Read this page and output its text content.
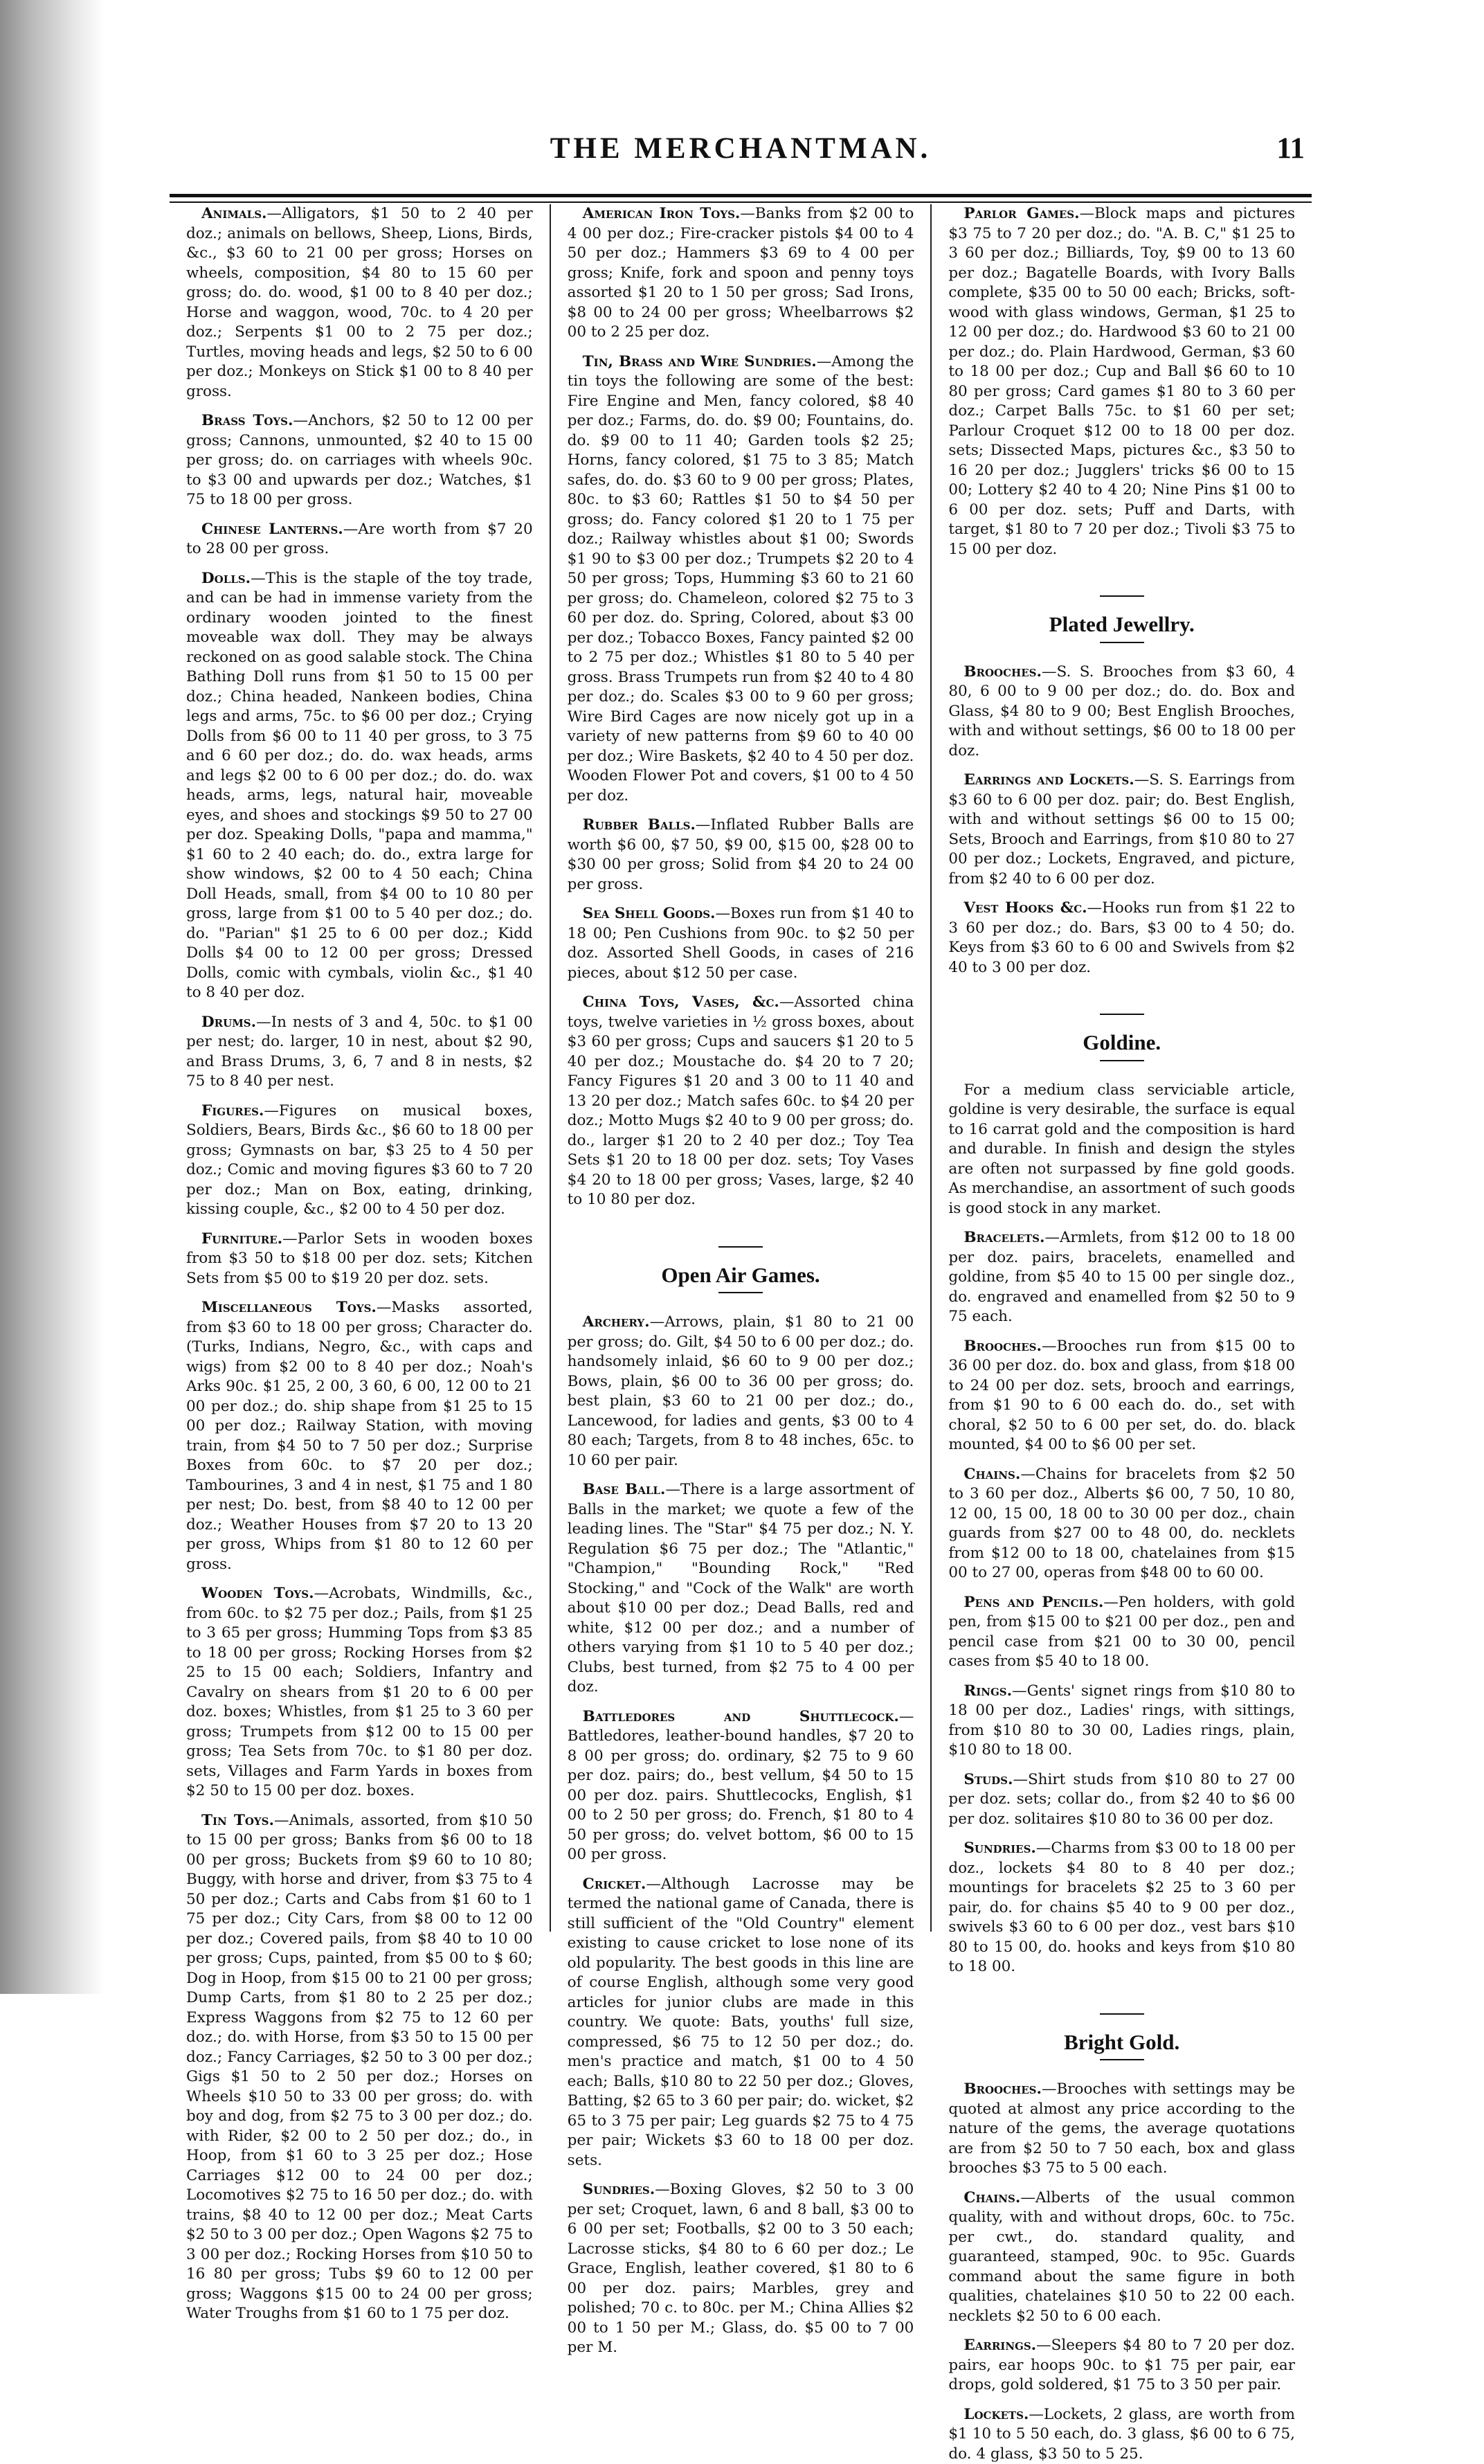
THE MERCHANTMAN.	11

Animals.—Alligators, $1 50 to 2 40 per doz.; animals on bellows, Sheep, Lions, Birds, &c., $3 60 to 21 00 per gross; Horses on wheels, composition, $4 80 to 15 60 per gross; do. do. wood, $1 00 to 8 40 per doz.; Horse and waggon, wood, 70c. to 4 20 per doz.; Serpents $1 00 to 2 75 per doz.; Turtles, moving heads and legs, $2 50 to 6 00 per doz.; Monkeys on Stick $1 00 to 8 40 per gross.

Brass Toys.—Anchors, $2 50 to 12 00 per gross; Cannons, unmounted, $2 40 to 15 00 per gross; do. on carriages with wheels 90c. to $3 00 and upwards per doz.; Watches, $1 75 to 18 00 per gross.

Chinese Lanterns.—Are worth from $7 20 to 28 00 per gross.

Dolls.—This is the staple of the toy trade, and can be had in immense variety from the ordinary wooden jointed to the finest moveable wax doll. They may be always reckoned on as good salable stock. The China Bathing Doll runs from $1 50 to 15 00 per doz.; China headed, Nankeen bodies, China legs and arms, 75c. to $6 00 per doz.; Crying Dolls from $6 00 to 11 40 per gross, to 3 75 and 6 60 per doz.; do. do. wax heads, arms and legs $2 00 to 6 00 per doz.; do. do. wax heads, arms, legs, natural hair, moveable eyes, and shoes and stockings $9 50 to 27 00 per doz. Speaking Dolls, "papa and mamma," $1 60 to 2 40 each; do. do., extra large for show windows, $2 00 to 4 50 each; China Doll Heads, small, from $4 00 to 10 80 per gross, large from $1 00 to 5 40 per doz.; do. do. "Parian" $1 25 to 6 00 per doz.; Kidd Dolls $4 00 to 12 00 per gross; Dressed Dolls, comic with cymbals, violin &c., $1 40 to 8 40 per doz.

Drums.—In nests of 3 and 4, 50c. to $1 00 per nest; do. larger, 10 in nest, about $2 90, and Brass Drums, 3, 6, 7 and 8 in nests, $2 75 to 8 40 per nest.

Figures.—Figures on musical boxes, Soldiers, Bears, Birds &c., $6 60 to 18 00 per gross; Gymnasts on bar, $3 25 to 4 50 per doz.; Comic and moving figures $3 60 to 7 20 per doz.; Man on Box, eating, drinking, kissing couple, &c., $2 00 to 4 50 per doz.

Furniture.—Parlor Sets in wooden boxes from $3 50 to $18 00 per doz. sets; Kitchen Sets from $5 00 to $19 20 per doz. sets.

Miscellaneous Toys.—Masks assorted, from $3 60 to 18 00 per gross; Character do. (Turks, Indians, Negro, &c., with caps and wigs) from $2 00 to 8 40 per doz.; Noah's Arks 90c. $1 25, 2 00, 3 60, 6 00, 12 00 to 21 00 per doz.; do. ship shape from $1 25 to 15 00 per doz.; Railway Station, with moving train, from $4 50 to 7 50 per doz.; Surprise Boxes from 60c. to $7 20 per doz.; Tambourines, 3 and 4 in nest, $1 75 and 1 80 per nest; Do. best, from $8 40 to 12 00 per doz.; Weather Houses from $7 20 to 13 20 per gross, Whips from $1 80 to 12 60 per gross.

Wooden Toys.—Acrobats, Windmills, &c., from 60c. to $2 75 per doz.; Pails, from $1 25 to 3 65 per gross; Humming Tops from $3 85 to 18 00 per gross; Rocking Horses from $2 25 to 15 00 each; Soldiers, Infantry and Cavalry on shears from $1 20 to 6 00 per doz. boxes; Whistles, from $1 25 to 3 60 per gross; Trumpets from $12 00 to 15 00 per gross; Tea Sets from 70c. to $1 80 per doz. sets, Villages and Farm Yards in boxes from $2 50 to 15 00 per doz. boxes.

Tin Toys.—Animals, assorted, from $10 50 to 15 00 per gross; Banks from $6 00 to 18 00 per gross; Buckets from $9 60 to 10 80; Buggy, with horse and driver, from $3 75 to 4 50 per doz.; Carts and Cabs from $1 60 to 1 75 per doz.; City Cars, from $8 00 to 12 00 per doz.; Covered pails, from $8 40 to 10 00 per gross; Cups, painted, from $5 00 to $ 60; Dog in Hoop, from $15 00 to 21 00 per gross; Dump Carts, from $1 80 to 2 25 per doz.; Express Waggons from $2 75 to 12 60 per doz.; do. with Horse, from $3 50 to 15 00 per doz.; Fancy Carriages, $2 50 to 3 00 per doz.; Gigs $1 50 to 2 50 per doz.; Horses on Wheels $10 50 to 33 00 per gross; do. with boy and dog, from $2 75 to 3 00 per doz.; do. with Rider, $2 00 to 2 50 per doz.; do., in Hoop, from $1 60 to 3 25 per doz.; Hose Carriages $12 00 to 24 00 per doz.; Locomotives $2 75 to 16 50 per doz.; do. with trains, $8 40 to 12 00 per doz.; Meat Carts $2 50 to 3 00 per doz.; Open Wagons $2 75 to 3 00 per doz.; Rocking Horses from $10 50 to 16 80 per gross; Tubs $9 60 to 12 00 per gross; Waggons $15 00 to 24 00 per gross; Water Troughs from $1 60 to 1 75 per doz.

American Iron Toys.—Banks from $2 00 to 4 00 per doz.; Fire-cracker pistols $4 00 to 4 50 per doz.; Hammers $3 69 to 4 00 per gross; Knife, fork and spoon and penny toys assorted $1 20 to 1 50 per gross; Sad Irons, $8 00 to 24 00 per gross; Wheelbarrows $2 00 to 2 25 per doz.

Tin, Brass and Wire Sundries.—Among the tin toys the following are some of the best: Fire Engine and Men, fancy colored, $8 40 per doz.; Farms, do. do. $9 00; Fountains, do. do. $9 00 to 11 40; Garden tools $2 25; Horns, fancy colored, $1 75 to 3 85; Match safes, do. do. $3 60 to 9 00 per gross; Plates, 80c. to $3 60; Rattles $1 50 to $4 50 per gross; do. Fancy colored $1 20 to 1 75 per doz.; Railway whistles about $1 00; Swords $1 90 to $3 00 per doz.; Trumpets $2 20 to 4 50 per gross; Tops, Humming $3 60 to 21 60 per gross; do. Chameleon, colored $2 75 to 3 60 per doz. do. Spring, Colored, about $3 00 per doz.; Tobacco Boxes, Fancy painted $2 00 to 2 75 per doz.; Whistles $1 80 to 5 40 per gross. Brass Trumpets run from $2 40 to 4 80 per doz.; do. Scales $3 00 to 9 60 per gross; Wire Bird Cages are now nicely got up in a variety of new patterns from $9 60 to 40 00 per doz.; Wire Baskets, $2 40 to 4 50 per doz. Wooden Flower Pot and covers, $1 00 to 4 50 per doz.

Rubber Balls.—Inflated Rubber Balls are worth $6 00, $7 50, $9 00, $15 00, $28 00 to $30 00 per gross; Solid from $4 20 to 24 00 per gross.

Sea Shell Goods.—Boxes run from $1 40 to 18 00; Pen Cushions from 90c. to $2 50 per doz. Assorted Shell Goods, in cases of 216 pieces, about $12 50 per case.

China Toys, Vases, &c.—Assorted china toys, twelve varieties in ½ gross boxes, about $3 60 per gross; Cups and saucers $1 20 to 5 40 per doz.; Moustache do. $4 20 to 7 20; Fancy Figures $1 20 and 3 00 to 11 40 and 13 20 per doz.; Match safes 60c. to $4 20 per doz.; Motto Mugs $2 40 to 9 00 per gross; do. do., larger $1 20 to 2 40 per doz.; Toy Tea Sets $1 20 to 18 00 per doz. sets; Toy Vases $4 20 to 18 00 per gross; Vases, large, $2 40 to 10 80 per doz.

Open Air Games.

Archery.—Arrows, plain, $1 80 to 21 00 per gross; do. Gilt, $4 50 to 6 00 per doz.; do. handsomely inlaid, $6 60 to 9 00 per doz.; Bows, plain, $6 00 to 36 00 per gross; do. best plain, $3 60 to 21 00 per doz.; do., Lancewood, for ladies and gents, $3 00 to 4 80 each; Targets, from 8 to 48 inches, 65c. to 10 60 per pair.

Base Ball.—There is a large assortment of Balls in the market; we quote a few of the leading lines. The "Star" $4 75 per doz.; N. Y. Regulation $6 75 per doz.; The "Atlantic," "Champion," "Bounding Rock," "Red Stocking," and "Cock of the Walk" are worth about $10 00 per doz.; Dead Balls, red and white, $12 00 per doz.; and a number of others varying from $1 10 to 5 40 per doz.; Clubs, best turned, from $2 75 to 4 00 per doz.

Battledores and Shuttlecock.—Battledores, leather-bound handles, $7 20 to 8 00 per gross; do. ordinary, $2 75 to 9 60 per doz. pairs; do., best vellum, $4 50 to 15 00 per doz. pairs. Shuttlecocks, English, $1 00 to 2 50 per gross; do. French, $1 80 to 4 50 per gross; do. velvet bottom, $6 00 to 15 00 per gross.

Cricket.—Although Lacrosse may be termed the national game of Canada, there is still sufficient of the "Old Country" element existing to cause cricket to lose none of its old popularity. The best goods in this line are of course English, although some very good articles for junior clubs are made in this country. We quote: Bats, youths' full size, compressed, $6 75 to 12 50 per doz.; do. men's practice and match, $1 00 to 4 50 each; Balls, $10 80 to 22 50 per doz.; Gloves, Batting, $2 65 to 3 60 per pair; do. wicket, $2 65 to 3 75 per pair; Leg guards $2 75 to 4 75 per pair; Wickets $3 60 to 18 00 per doz. sets.

Sundries.—Boxing Gloves, $2 50 to 3 00 per set; Croquet, lawn, 6 and 8 ball, $3 00 to 6 00 per set; Footballs, $2 00 to 3 50 each; Lacrosse sticks, $4 80 to 6 60 per doz.; Le Grace, English, leather covered, $1 80 to 6 00 per doz. pairs; Marbles, grey and polished; 70 c. to 80c. per M.; China Allies $2 00 to 1 50 per M.; Glass, do. $5 00 to 7 00 per M.

Parlor Games.—Block maps and pictures $3 75 to 7 20 per doz.; do. "A. B. C," $1 25 to 3 60 per doz.; Billiards, Toy, $9 00 to 13 60 per doz.; Bagatelle Boards, with Ivory Balls complete, $35 00 to 50 00 each; Bricks, soft-wood with glass windows, German, $1 25 to 12 00 per doz.; do. Hardwood $3 60 to 21 00 per doz.; do. Plain Hardwood, German, $3 60 to 18 00 per doz.; Cup and Ball $6 60 to 10 80 per gross; Card games $1 80 to 3 60 per doz.; Carpet Balls 75c. to $1 60 per set; Parlour Croquet $12 00 to 18 00 per doz. sets; Dissected Maps, pictures &c., $3 50 to 16 20 per doz.; Jugglers' tricks $6 00 to 15 00; Lottery $2 40 to 4 20; Nine Pins $1 00 to 6 00 per doz. sets; Puff and Darts, with target, $1 80 to 7 20 per doz.; Tivoli $3 75 to 15 00 per doz.

Plated Jewellry.

Brooches.—S. S. Brooches from $3 60, 4 80, 6 00 to 9 00 per doz.; do. do. Box and Glass, $4 80 to 9 00; Best English Brooches, with and without settings, $6 00 to 18 00 per doz.

Earrings and Lockets.—S. S. Earrings from $3 60 to 6 00 per doz. pair; do. Best English, with and without settings $6 00 to 15 00; Sets, Brooch and Earrings, from $10 80 to 27 00 per doz.; Lockets, Engraved, and picture, from $2 40 to 6 00 per doz.

Vest Hooks &c.—Hooks run from $1 22 to 3 60 per doz.; do. Bars, $3 00 to 4 50; do. Keys from $3 60 to 6 00 and Swivels from $2 40 to 3 00 per doz.

Goldine.

For a medium class serviciable article, goldine is very desirable, the surface is equal to 16 carrat gold and the composition is hard and durable. In finish and design the styles are often not surpassed by fine gold goods. As merchandise, an assortment of such goods is good stock in any market.

Bracelets.—Armlets, from $12 00 to 18 00 per doz. pairs, bracelets, enamelled and goldine, from $5 40 to 15 00 per single doz., do. engraved and enamelled from $2 50 to 9 75 each.

Brooches.—Brooches run from $15 00 to 36 00 per doz. do. box and glass, from $18 00 to 24 00 per doz. sets, brooch and earrings, from $1 90 to 6 00 each do. do., set with choral, $2 50 to 6 00 per set, do. do. black mounted, $4 00 to $6 00 per set.

Chains.—Chains for bracelets from $2 50 to 3 60 per doz., Alberts $6 00, 7 50, 10 80, 12 00, 15 00, 18 00 to 30 00 per doz., chain guards from $27 00 to 48 00, do. necklets from $12 00 to 18 00, chatelaines from $15 00 to 27 00, operas from $48 00 to 60 00.

Pens and Pencils.—Pen holders, with gold pen, from $15 00 to $21 00 per doz., pen and pencil case from $21 00 to 30 00, pencil cases from $5 40 to 18 00.

Rings.—Gents' signet rings from $10 80 to 18 00 per doz., Ladies' rings, with sittings, from $10 80 to 30 00, Ladies rings, plain, $10 80 to 18 00.

Studs.—Shirt studs from $10 80 to 27 00 per doz. sets; collar do., from $2 40 to $6 00 per doz. solitaires $10 80 to 36 00 per doz.

Sundries.—Charms from $3 00 to 18 00 per doz., lockets $4 80 to 8 40 per doz.; mountings for bracelets $2 25 to 3 60 per pair, do. for chains $5 40 to 9 00 per doz., swivels $3 60 to 6 00 per doz., vest bars $10 80 to 15 00, do. hooks and keys from $10 80 to 18 00.

Bright Gold.

Brooches.—Brooches with settings may be quoted at almost any price according to the nature of the gems, the average quotations are from $2 50 to 7 50 each, box and glass brooches $3 75 to 5 00 each.

Chains.—Alberts of the usual common quality, with and without drops, 60c. to 75c. per cwt., do. standard quality, and guaranteed, stamped, 90c. to 95c. Guards command about the same figure in both qualities, chatelaines $10 50 to 22 00 each. necklets $2 50 to 6 00 each.

Earrings.—Sleepers $4 80 to 7 20 per doz. pairs, ear hoops 90c. to $1 75 per pair, ear drops, gold soldered, $1 75 to 3 50 per pair.

Lockets.—Lockets, 2 glass, are worth from $1 10 to 5 50 each, do. 3 glass, $6 00 to 6 75, do. 4 glass, $3 50 to 5 25.
